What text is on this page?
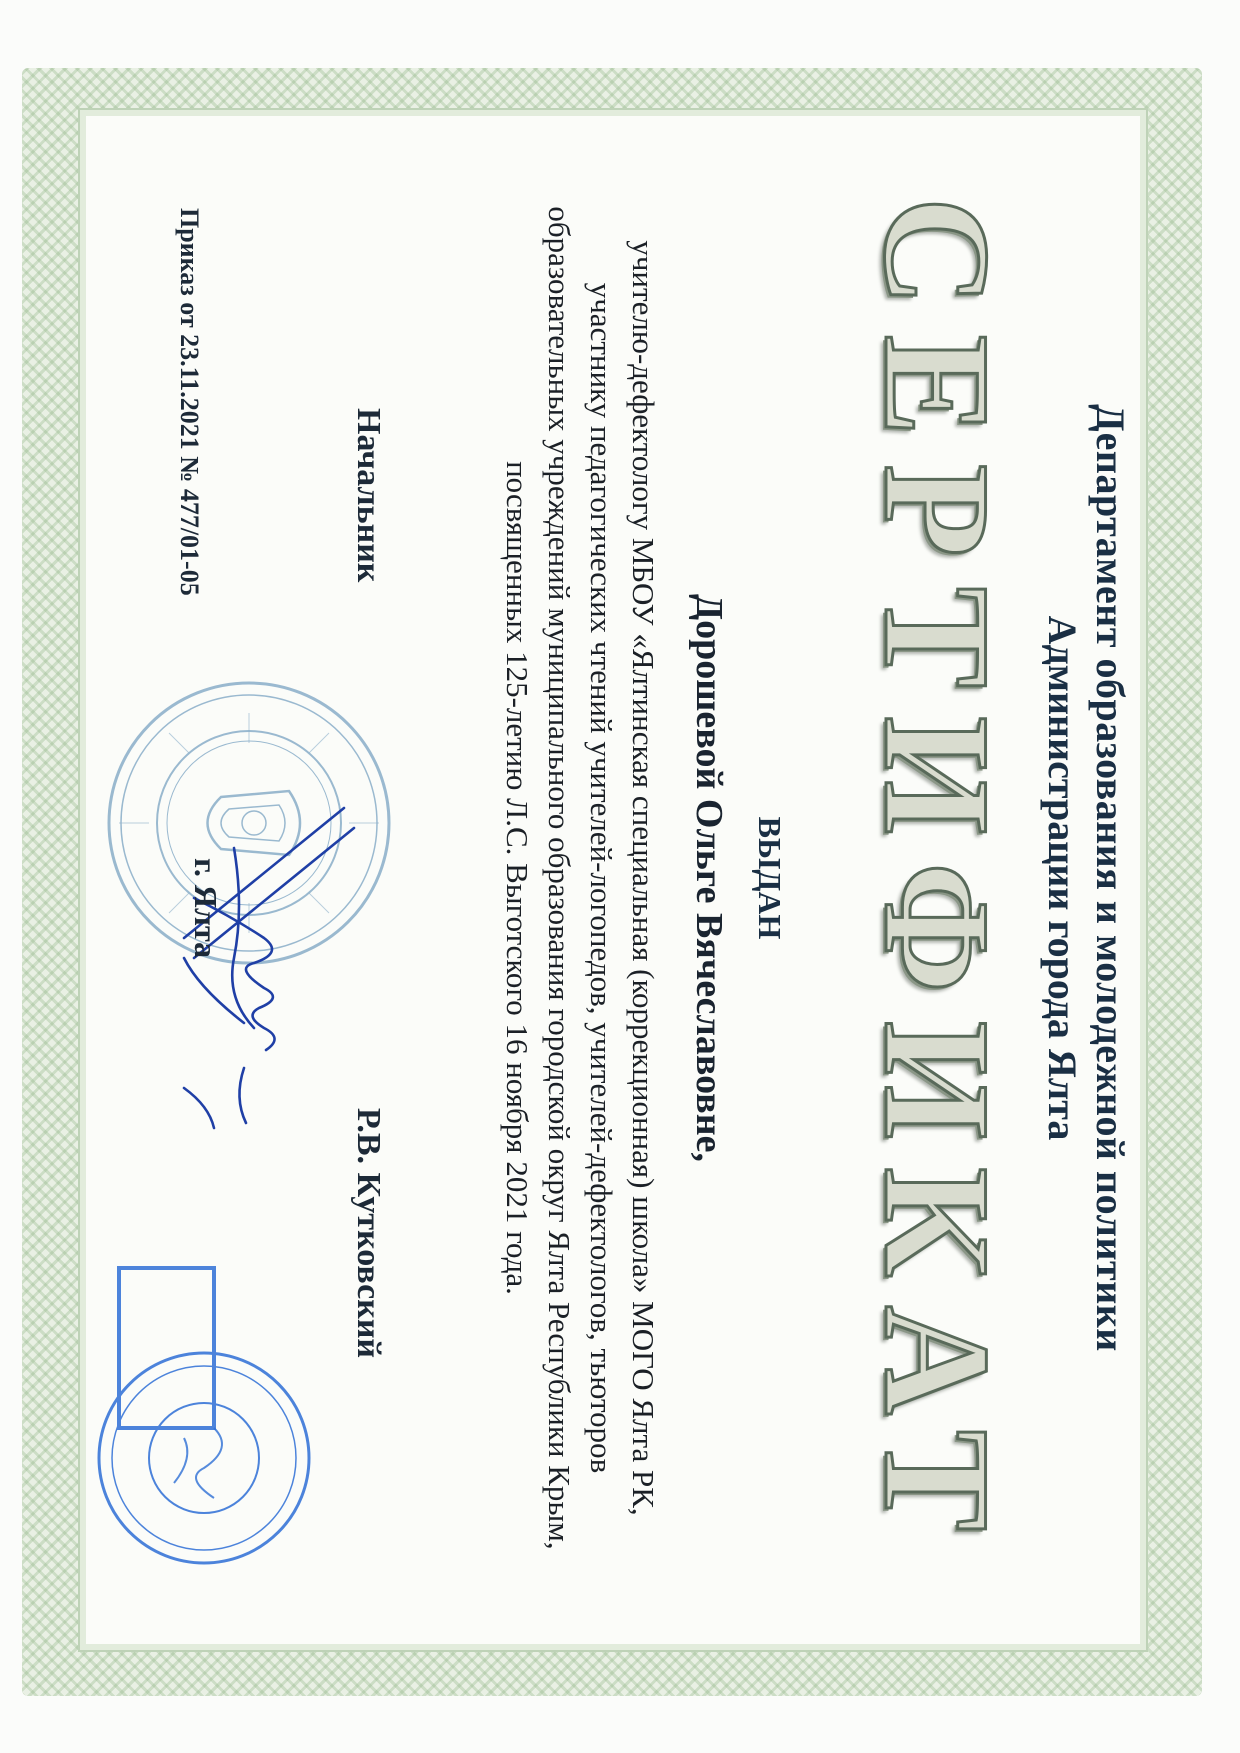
Департамент образования и молодежной политики
Администрации города Ялта
СЕРТИФИКАТ
ВЫДАН
Дорошевой Ольге Вячеславовне,
учителю-дефектологу МБОУ «Ялтинская специальная (коррекционная) школа» МОГО Ялта РК,
участнику педагогических чтений учителей-логопедов, учителей-дефектологов, тьюторов
образовательных учреждений муниципального образования городской округ Ялта Республики Крым,
посвященных 125-летию Л.С. Выготского 16 ноября 2021 года.
Начальник
Р.В. Кутковский
г. Ялта
Приказ от 23.11.2021 № 477/01-05
